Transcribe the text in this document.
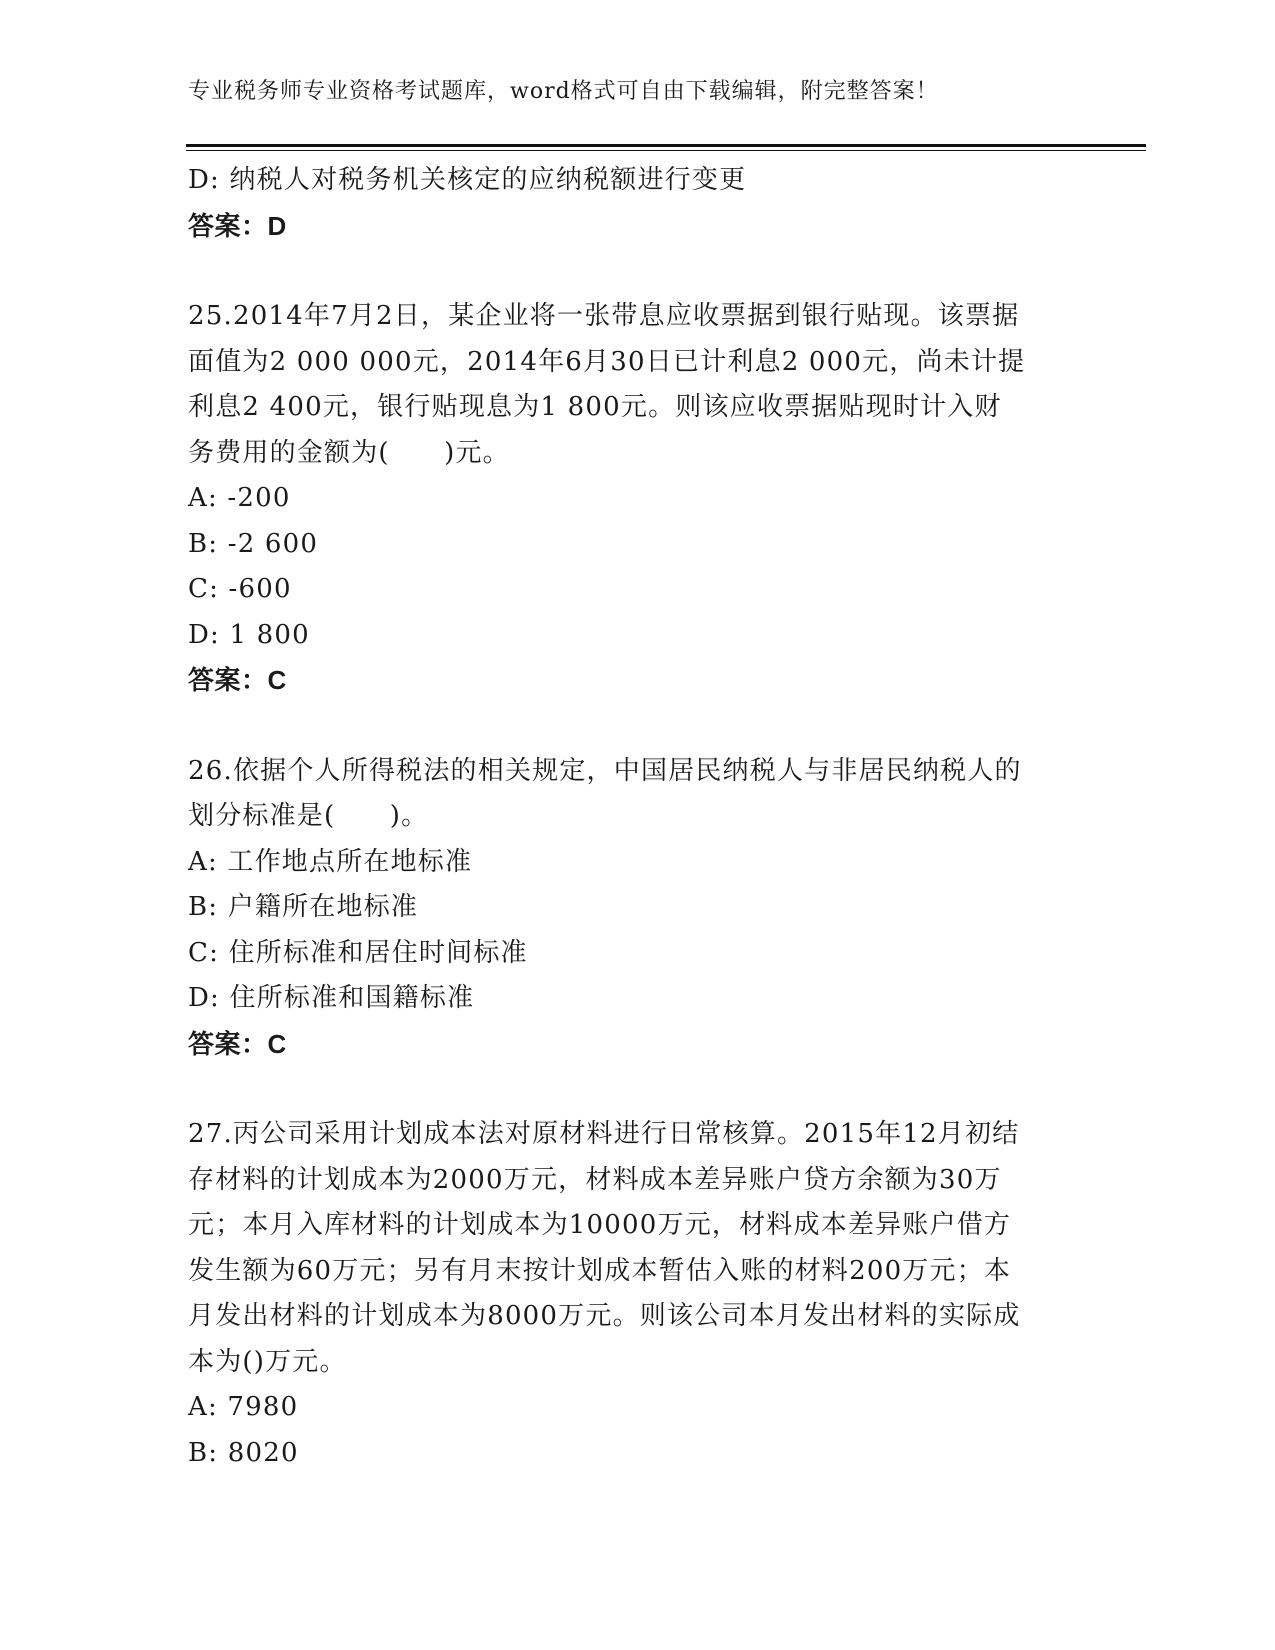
专业税务师专业资格考试题库，word格式可自由下载编辑，附完整答案！
D: 纳税人对税务机关核定的应纳税额进行变更
答案：D
25.2014年7月2日，某企业将一张带息应收票据到银行贴现。该票据
面值为2 000 000元，2014年6月30日已计利息2 000元，尚未计提
利息2 400元，银行贴现息为1 800元。则该应收票据贴现时计入财
务费用的金额为(　　)元。
A: -200
B: -2 600
C: -600
D: 1 800
答案：C
26.依据个人所得税法的相关规定，中国居民纳税人与非居民纳税人的
划分标准是(　　)。
A: 工作地点所在地标准
B: 户籍所在地标准
C: 住所标准和居住时间标准
D: 住所标准和国籍标准
答案：C
27.丙公司采用计划成本法对原材料进行日常核算。2015年12月初结
存材料的计划成本为2000万元，材料成本差异账户贷方余额为30万
元；本月入库材料的计划成本为10000万元，材料成本差异账户借方
发生额为60万元；另有月末按计划成本暂估入账的材料200万元；本
月发出材料的计划成本为8000万元。则该公司本月发出材料的实际成
本为()万元。
A: 7980
B: 8020
